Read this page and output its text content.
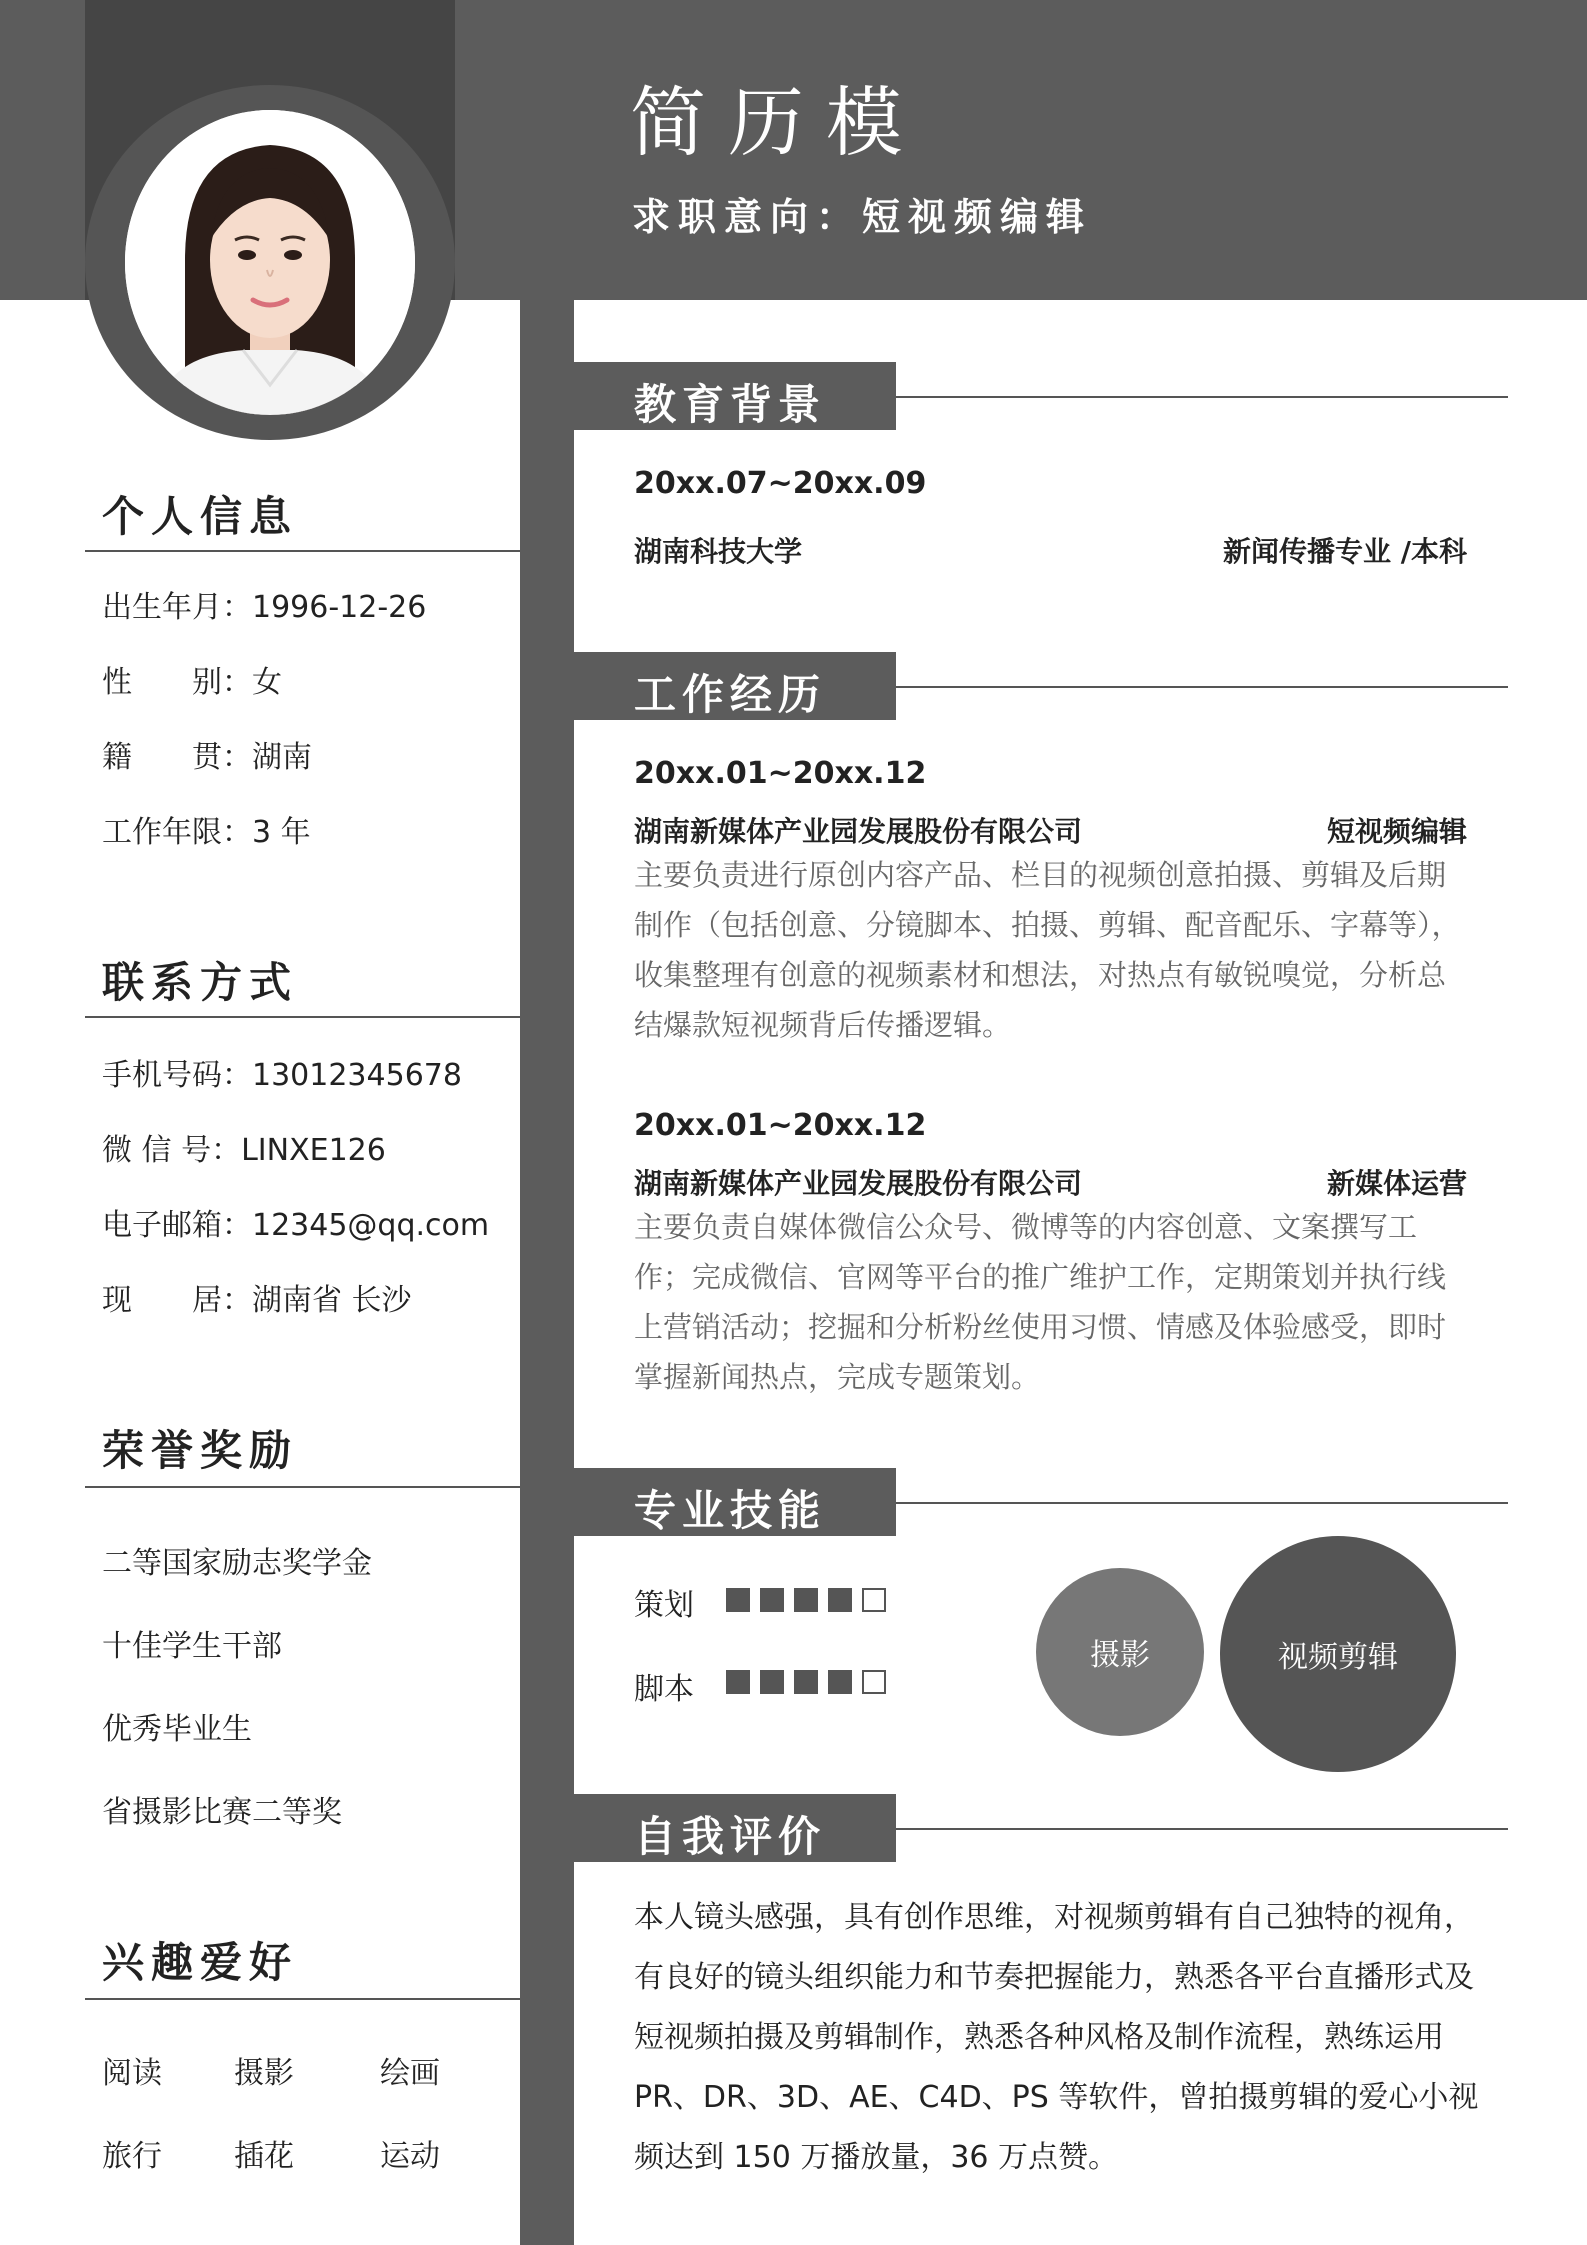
简历模
求职意向：短视频编辑
个人信息
出生年月：1996-12-26
性　　别：女
籍　　贯：湖南
工作年限：3 年
联系方式
手机号码：13012345678
微 信 号：LINXE126
电子邮箱：12345@qq.com
现　　居：湖南省 长沙
荣誉奖励
二等国家励志奖学金
十佳学生干部
优秀毕业生
省摄影比赛二等奖
兴趣爱好
阅读 摄影	绘画
旅行 插花	运动
教育背景
20xx.07~20xx.09
湖南科技大学	新闻传播专业 /本科
工作经历
20xx.01~20xx.12
湖南新媒体产业园发展股份有限公司	短视频编辑
主要负责进行原创内容产品、栏目的视频创意拍摄、剪辑及后期制作（包括创意、分镜脚本、拍摄、剪辑、配音配乐、字幕等），收集整理有创意的视频素材和想法，对热点有敏锐嗅觉，分析总结爆款短视频背后传播逻辑。
20xx.01~20xx.12
湖南新媒体产业园发展股份有限公司	新媒体运营
主要负责自媒体微信公众号、微博等的内容创意、文案撰写工作；完成微信、官网等平台的推广维护工作，定期策划并执行线上营销活动；挖掘和分析粉丝使用习惯、情感及体验感受，即时掌握新闻热点，完成专题策划。
专业技能
策划
脚本
摄影	视频剪辑
自我评价
本人镜头感强，具有创作思维，对视频剪辑有自己独特的视角，有良好的镜头组织能力和节奏把握能力，熟悉各平台直播形式及短视频拍摄及剪辑制作，熟悉各种风格及制作流程，熟练运用 PR、DR、3D、AE、C4D、PS 等软件，曾拍摄剪辑的爱心小视频达到 150 万播放量，36 万点赞。
